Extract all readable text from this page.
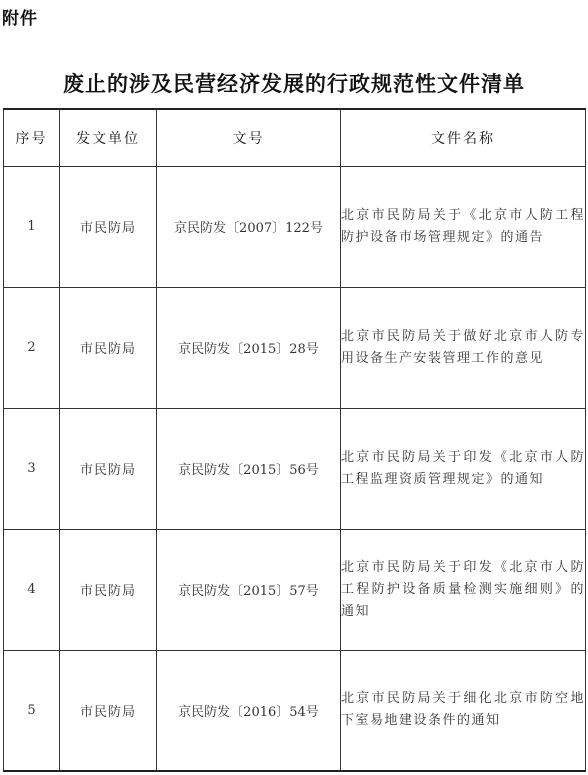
附件
废止的涉及民营经济发展的行政规范性文件清单
序号	发文单位	文号	文件名称
1	市民防局	京民防发〔2007〕122号	北京市民防局关于《北京市人防工程防护设备市场管理规定》的通告
2	市民防局	京民防发〔2015〕28号	北京市民防局关于做好北京市人防专用设备生产安装管理工作的意见
3	市民防局	京民防发〔2015〕56号	北京市民防局关于印发《北京市人防工程监理资质管理规定》的通知
4	市民防局	京民防发〔2015〕57号	北京市民防局关于印发《北京市人防工程防护设备质量检测实施细则》的通知
5	市民防局	京民防发〔2016〕54号	北京市民防局关于细化北京市防空地下室易地建设条件的通知
